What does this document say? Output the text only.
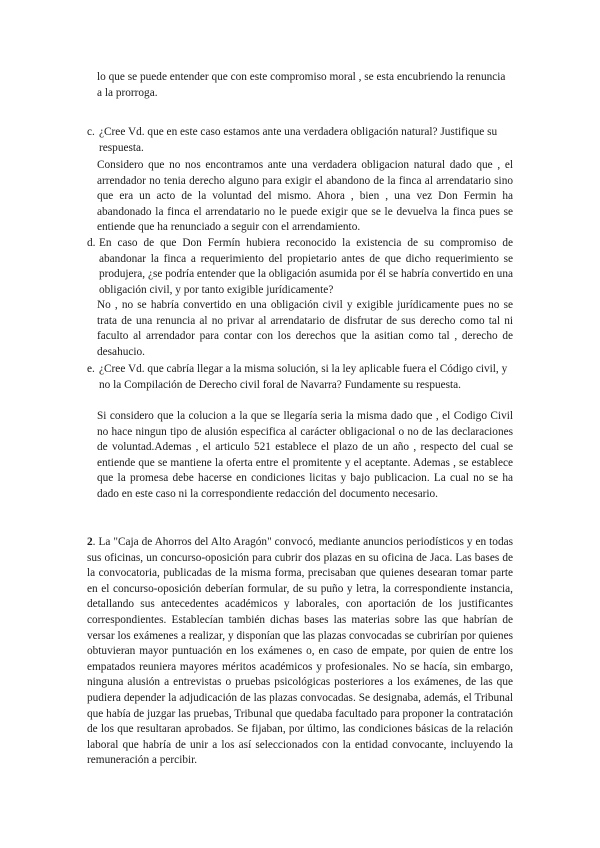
lo que se puede entender que con este compromiso moral , se esta encubriendo la renuncia a la prorroga.

c. ¿Cree Vd. que en este caso estamos ante una verdadera obligación natural? Justifique su respuesta.

Considero que no nos encontramos ante una verdadera obligacion natural dado que , el arrendador no tenia derecho alguno para exigir el abandono de la finca al arrendatario sino que era un acto de la voluntad del mismo. Ahora , bien , una vez Don Fermin ha abandonado la finca el arrendatario no le puede exigir que se le devuelva la finca pues se entiende que ha renunciado a seguir con el arrendamiento.

d. En caso de que Don Fermín hubiera reconocido la existencia de su compromiso de abandonar la finca a requerimiento del propietario antes de que dicho requerimiento se produjera, ¿se podría entender que la obligación asumida por él se habría convertido en una obligación civil, y por tanto exigible jurídicamente?

No , no se habría convertido en una obligación civil y exigible jurídicamente pues no se trata de una renuncia al no privar al arrendatario de disfrutar de sus derecho como tal ni faculto al arrendador para contar con los derechos que la asitian como tal , derecho de desahucio.

e. ¿Cree Vd. que cabría llegar a la misma solución, si la ley aplicable fuera el Código civil, y no la Compilación de Derecho civil foral de Navarra? Fundamente su respuesta.

Si considero que la colucion a la que se llegaría seria la misma dado que , el Codigo Civil no hace ningun tipo de alusión especifica al carácter obligacional o no de las declaraciones de voluntad.Ademas , el articulo 521 establece el plazo de un año , respecto del cual se entiende que se mantiene la oferta entre el promitente y el aceptante. Ademas , se establece que la promesa debe hacerse en condiciones licitas y bajo publicacion. La cual no se ha dado en este caso ni la correspondiente redacción del documento necesario.

2. La "Caja de Ahorros del Alto Aragón" convocó, mediante anuncios periodísticos y en todas sus oficinas, un concurso-oposición para cubrir dos plazas en su oficina de Jaca. Las bases de la convocatoria, publicadas de la misma forma, precisaban que quienes desearan tomar parte en el concurso-oposición deberían formular, de su puño y letra, la correspondiente instancia, detallando sus antecedentes académicos y laborales, con aportación de los justificantes correspondientes. Establecían también dichas bases las materias sobre las que habrían de versar los exámenes a realizar, y disponían que las plazas convocadas se cubrirían por quienes obtuvieran mayor puntuación en los exámenes o, en caso de empate, por quien de entre los empatados reuniera mayores méritos académicos y profesionales. No se hacía, sin embargo, ninguna alusión a entrevistas o pruebas psicológicas posteriores a los exámenes, de las que pudiera depender la adjudicación de las plazas convocadas. Se designaba, además, el Tribunal que había de juzgar las pruebas, Tribunal que quedaba facultado para proponer la contratación de los que resultaran aprobados. Se fijaban, por último, las condiciones básicas de la relación laboral que habría de unir a los así seleccionados con la entidad convocante, incluyendo la remuneración a percibir.
